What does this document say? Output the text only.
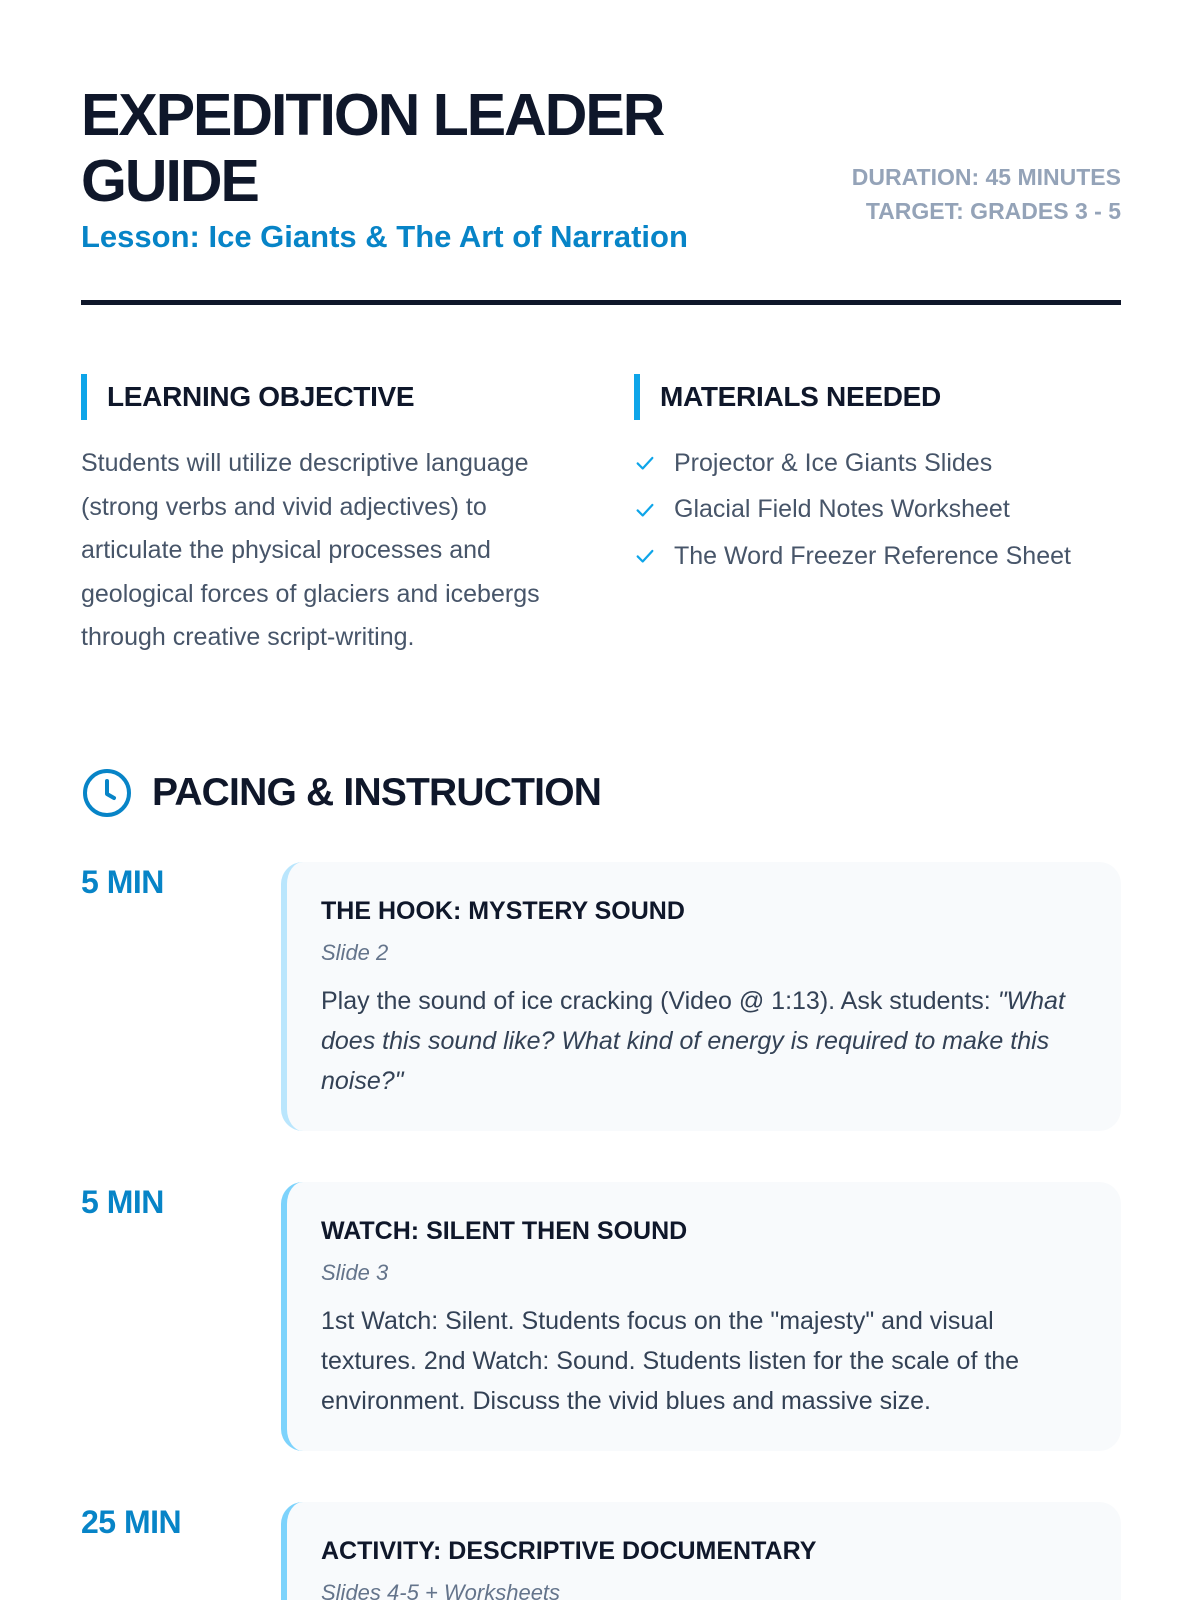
EXPEDITION LEADER GUIDE
Lesson: Ice Giants & The Art of Narration
DURATION: 45 MINUTES
TARGET: GRADES 3 - 5
LEARNING OBJECTIVE

Students will utilize descriptive language (strong verbs and vivid adjectives) to articulate the physical processes and geological forces of glaciers and icebergs through creative script-writing.

MATERIALS NEEDED
Projector & Ice Giants Slides
Glacial Field Notes Worksheet
The Word Freezer Reference Sheet
PACING & INSTRUCTION
5 MIN
THE HOOK: MYSTERY SOUND
Slide 2

Play the sound of ice cracking (Video @ 1:13). Ask students: "What does this sound like? What kind of energy is required to make this noise?"

5 MIN
WATCH: SILENT THEN SOUND
Slide 3

1st Watch: Silent. Students focus on the "majesty" and visual textures. 2nd Watch: Sound. Students listen for the scale of the environment. Discuss the vivid blues and massive size.

25 MIN
ACTIVITY: DESCRIPTIVE DOCUMENTARY
Slides 4-5 + Worksheets
